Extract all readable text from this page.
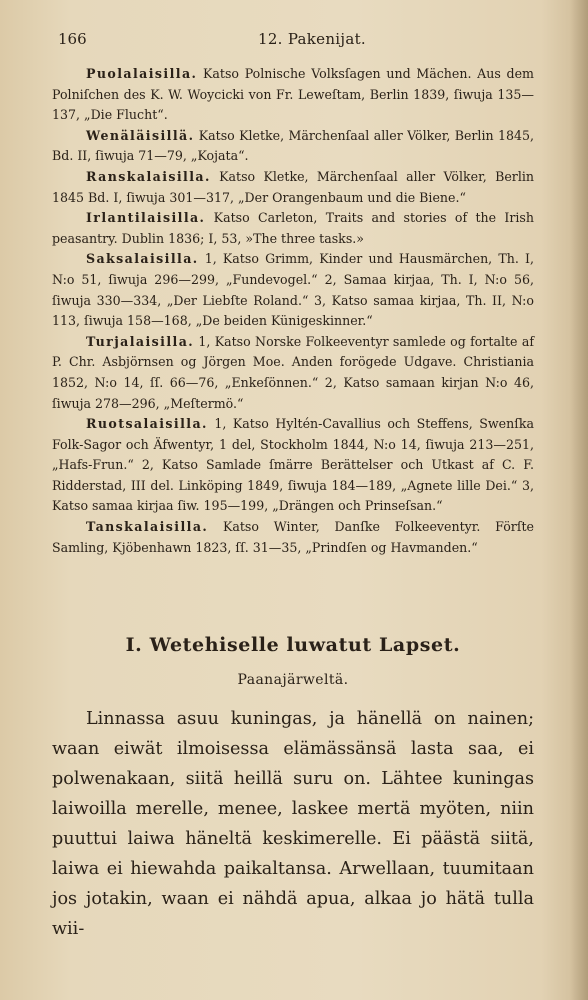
166	12. Pakenijat.

Puolalaisilla. Katso Polnische Volksſagen und Mächen. Aus dem Polniſchen des K. W. Woycicki von Fr. Leweſtam, Berlin 1839, ſiwuja 135—137, „Die Flucht“.

Wenäläisillä. Katso Kletke, Märchenſaal aller Völker, Berlin 1845, Bd. II, ſiwuja 71—79, „Kojata“.

Ranskalaisilla. Katso Kletke, Märchenſaal aller Völker, Berlin 1845 Bd. I, ſiwuja 301—317, „Der Orangenbaum und die Biene.“

Irlantilaisilla. Katso Carleton, Traits and stories of the Irish peasantry. Dublin 1836; I, 53, »The three tasks.»

Saksalaisilla. 1, Katso Grimm, Kinder und Hausmärchen, Th. I, N:o 51, ſiwuja 296—299, „Fundevogel.“ 2, Samaa kirjaa, Th. I, N:o 56, ſiwuja 330—334, „Der Liebſte Roland.“ 3, Katso samaa kirjaa, Th. II, N:o 113, ſiwuja 158—168, „De beiden Künigeskinner.“

Turjalaisilla. 1, Katso Norske Folkeeventyr samlede og fortalte af P. Chr. Asbjörnsen og Jörgen Moe. Anden forögede Udgave. Christiania 1852, N:o 14, ſſ. 66—76, „Enkeſönnen.“ 2, Katso samaan kirjan N:o 46, ſiwuja 278—296, „Meſtermö.“

Ruotsalaisilla. 1, Katso Hyltén-Cavallius och Steffens, Swenſka Folk-Sagor och Äfwentyr, 1 del, Stockholm 1844, N:o 14, ſiwuja 213—251, „Hafs-Frun.“ 2, Katso Samlade ſmärre Berättelser och Utkast af C. F. Ridderstad, III del. Linköping 1849, ſiwuja 184—189, „Agnete lille Dei.“ 3, Katso samaa kirjaa ſiw. 195—199, „Drängen och Prinseſsan.“

Tanskalaisilla. Katso Winter, Danſke Folkeeventyr. Förſte Samling, Kjöbenhawn 1823, ſſ. 31—35, „Prindſen og Havmanden.“

I. Wetehiselle luwatut Lapset.
Paanajärweltä.

Linnassa asuu kuningas, ja hänellä on nainen; waan eiwät ilmoisessa elämässänsä lasta saa, ei polwenakaan, siitä heillä suru on. Lähtee kuningas laiwoilla merelle, menee, laskee mertä myöten, niin puuttui laiwa häneltä keskimerelle. Ei päästä siitä, laiwa ei hiewahda paikaltansa. Arwellaan, tuumitaan jos jotakin, waan ei nähdä apua, alkaa jo hätä tulla wii-
